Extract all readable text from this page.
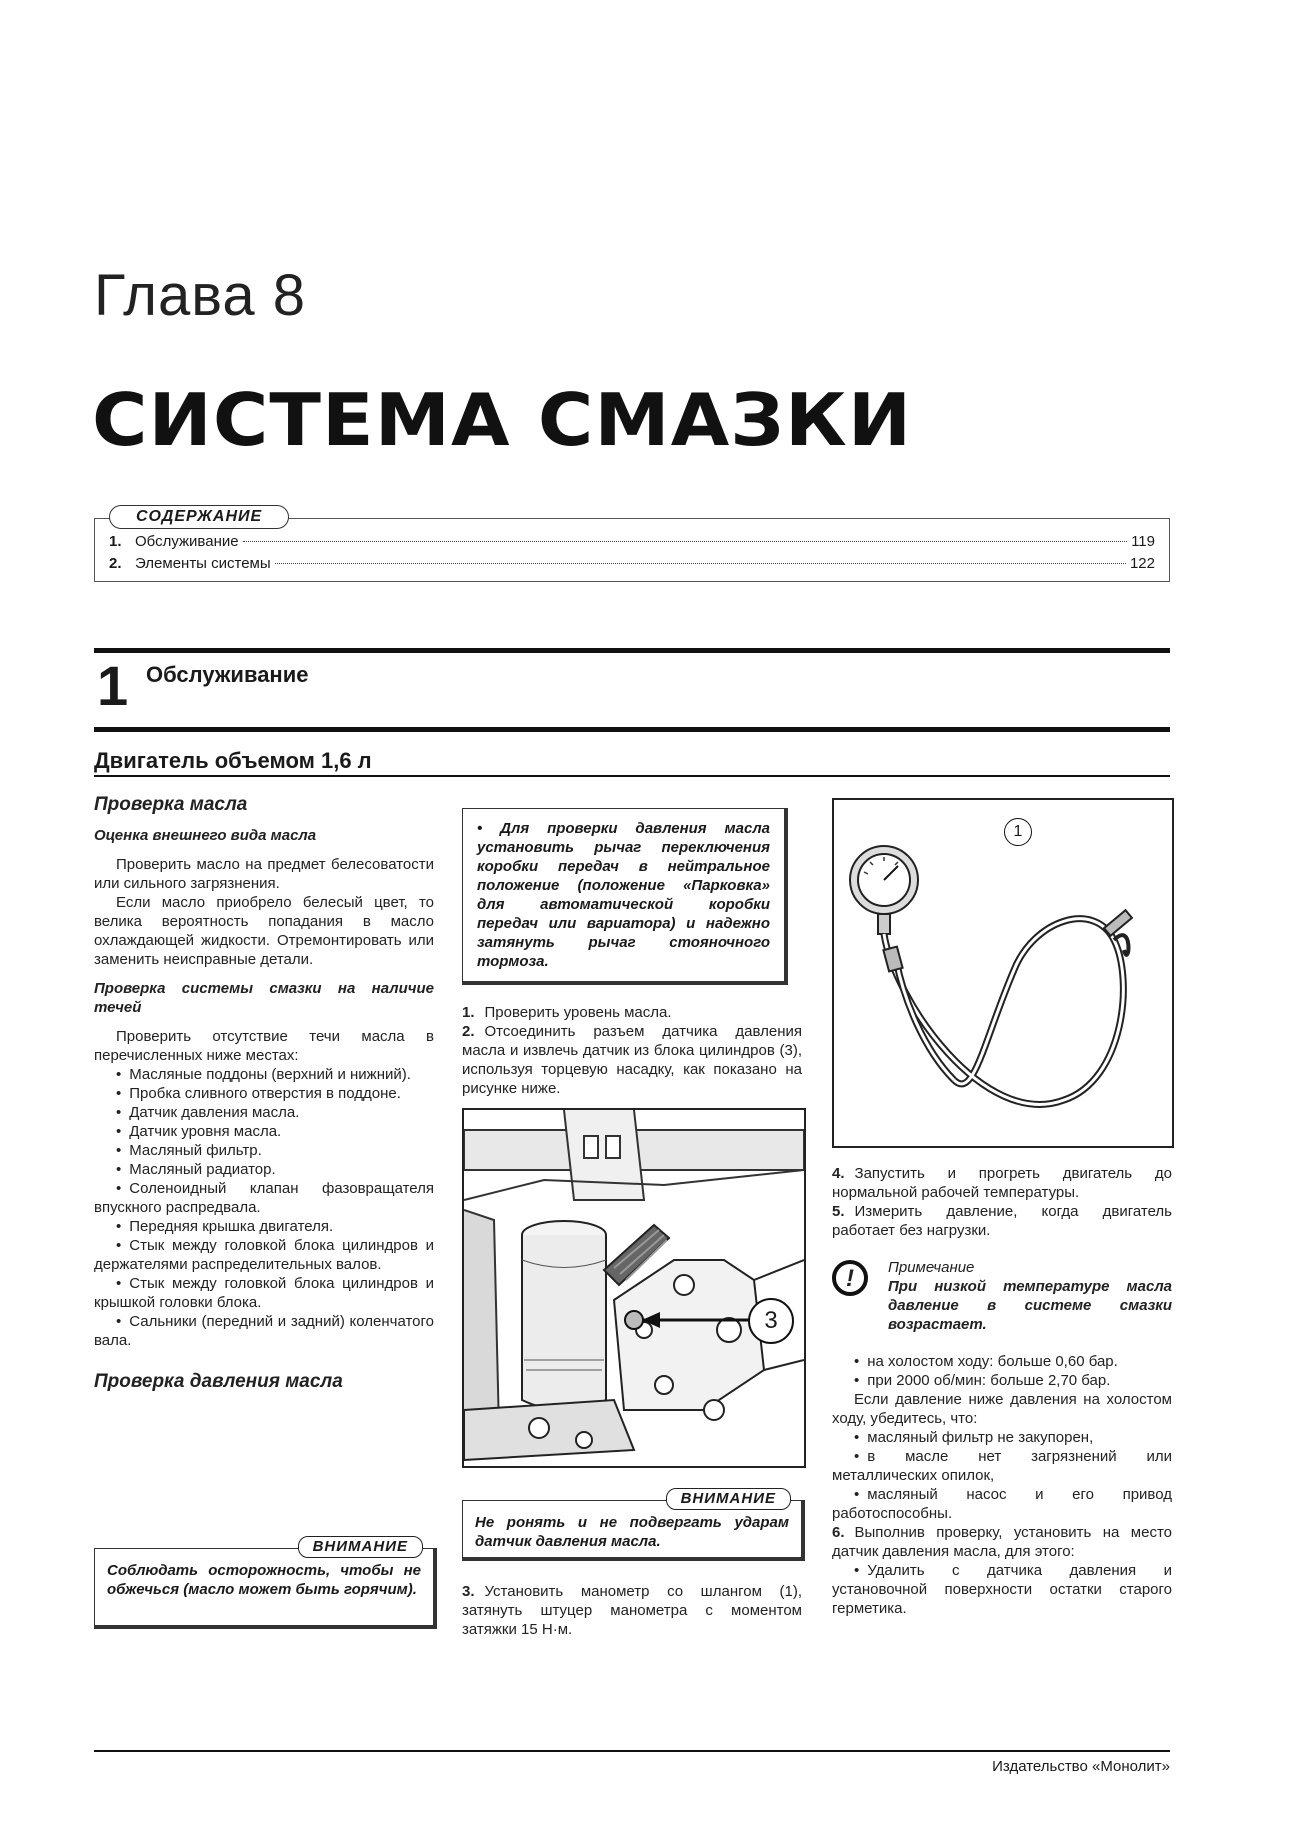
Глава 8
СИСТЕМА СМАЗКИ
СОДЕРЖАНИЕ
1. Обслуживание	119
2. Элементы системы	122
1 Обслуживание
Двигатель объемом 1,6 л

Проверка масла

Оценка внешнего вида масла

Проверить масло на предмет белесоватости или сильного загрязнения.

Если масло приобрело белесый цвет, то велика вероятность попадания в масло охлаждающей жидкости. Отремонтировать или заменить неисправные детали.

Проверка системы смазки на наличие течей

Проверить отсутствие течи масла в перечисленных ниже местах:

• Масляные поддоны (верхний и нижний).
• Пробка сливного отверстия в поддоне.
• Датчик давления масла.
• Датчик уровня масла.
• Масляный фильтр.
• Масляный радиатор.
• Соленоидный клапан фазовращателя впускного распредвала.
• Передняя крышка двигателя.
• Стык между головкой блока цилиндров и держателями распределительных валов.
• Стык между головкой блока цилиндров и крышкой головки блока.
• Сальники (передний и задний) коленчатого вала.

Проверка давления масла

ВНИМАНИЕ
Соблюдать осторожность, чтобы не обжечься (масло может быть горячим).
• Для проверки давления масла установить рычаг переключения коробки передач в нейтральное положение (положение «Парковка» для автоматической коробки передач или вариатора) и надежно затянуть рычаг стояночного тормоза.
1. Проверить уровень масла.
2. Отсоединить разъем датчика давления масла и извлечь датчик из блока цилиндров (3), используя торцевую насадку, как показано на рисунке ниже.
3
ВНИМАНИЕ
Не ронять и не подвергать ударам датчик давления масла.

3. Установить манометр со шлангом (1), затянуть штуцер манометра с моментом затяжки 15 Н·м.

1
4. Запустить и прогреть двигатель до нормальной рабочей температуры.
5. Измерить давление, когда двигатель работает без нагрузки.
!	Примечание

При низкой температуре масла давление в системе смазки возрастает.

• на холостом ходу: больше 0,60 бар.
• при 2000 об/мин: больше 2,70 бар.

Если давление ниже давления на холостом ходу, убедитесь, что:

• масляный фильтр не закупорен,
• в масле нет загрязнений или металлических опилок,
• масляный насос и его привод работоспособны.

6. Выполнив проверку, установить на место датчик давления масла, для этого:

• Удалить с датчика давления и установочной поверхности остатки старого герметика.
Издательство «Монолит»
